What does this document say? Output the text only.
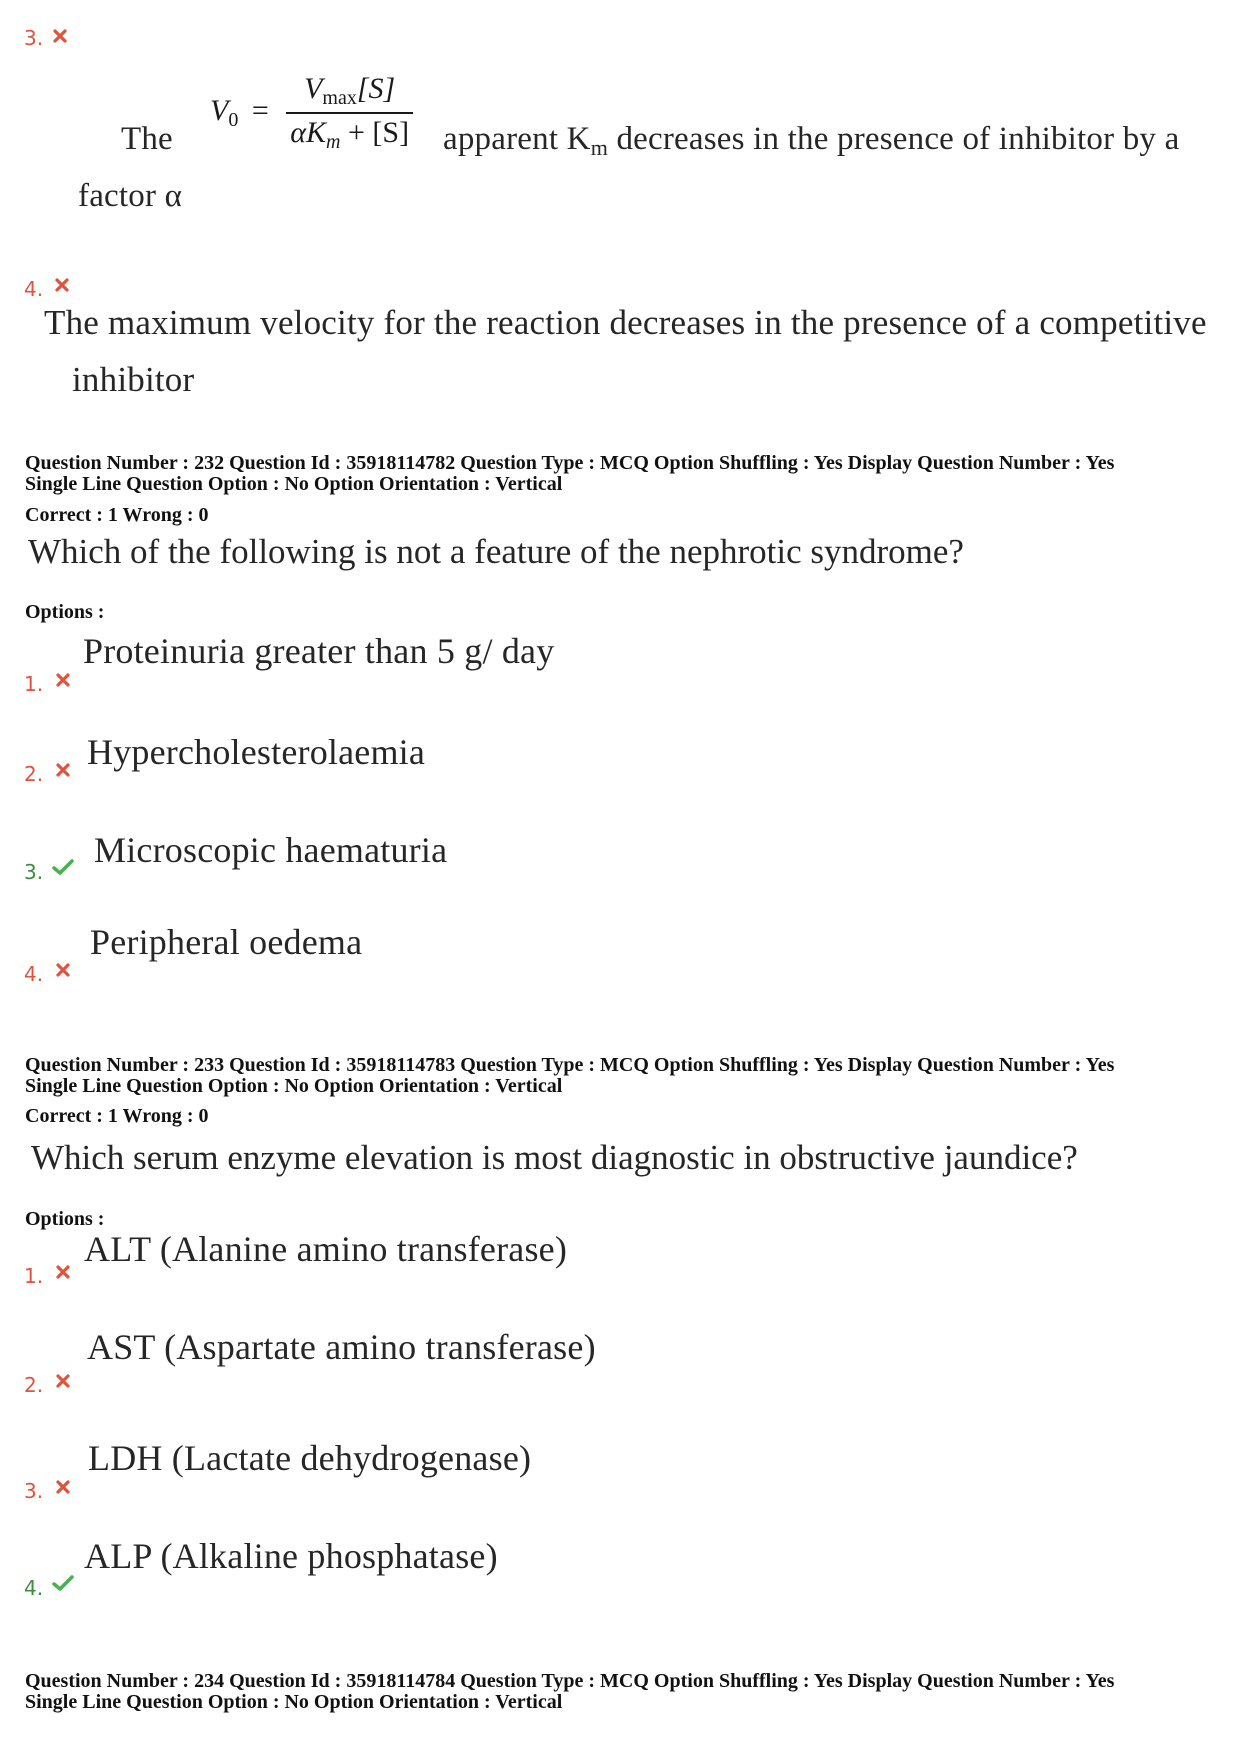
3.
The
$V_0 = \frac{V_{max}[S]}{\alpha K_m + [S]}$ apparent Km decreases in the presence of inhibitor by a
factor α
4.
The maximum velocity for the reaction decreases in the presence of a competitive
inhibitor
Question Number : 232 Question Id : 35918114782 Question Type : MCQ Option Shuffling : Yes Display Question Number : Yes
Single Line Question Option : No Option Orientation : Vertical
Correct : 1 Wrong : 0
Which of the following is not a feature of the nephrotic syndrome?
Options :
Proteinuria greater than 5 g/ day
1.
Hypercholesterolaemia
2.
Microscopic haematuria
3.
Peripheral oedema
4.
Question Number : 233 Question Id : 35918114783 Question Type : MCQ Option Shuffling : Yes Display Question Number : Yes
Single Line Question Option : No Option Orientation : Vertical
Correct : 1 Wrong : 0
Which serum enzyme elevation is most diagnostic in obstructive jaundice?
Options :
ALT (Alanine amino transferase)
1.
AST (Aspartate amino transferase)
2.
LDH (Lactate dehydrogenase)
3.
ALP (Alkaline phosphatase)
4.
Question Number : 234 Question Id : 35918114784 Question Type : MCQ Option Shuffling : Yes Display Question Number : Yes
Single Line Question Option : No Option Orientation : Vertical
